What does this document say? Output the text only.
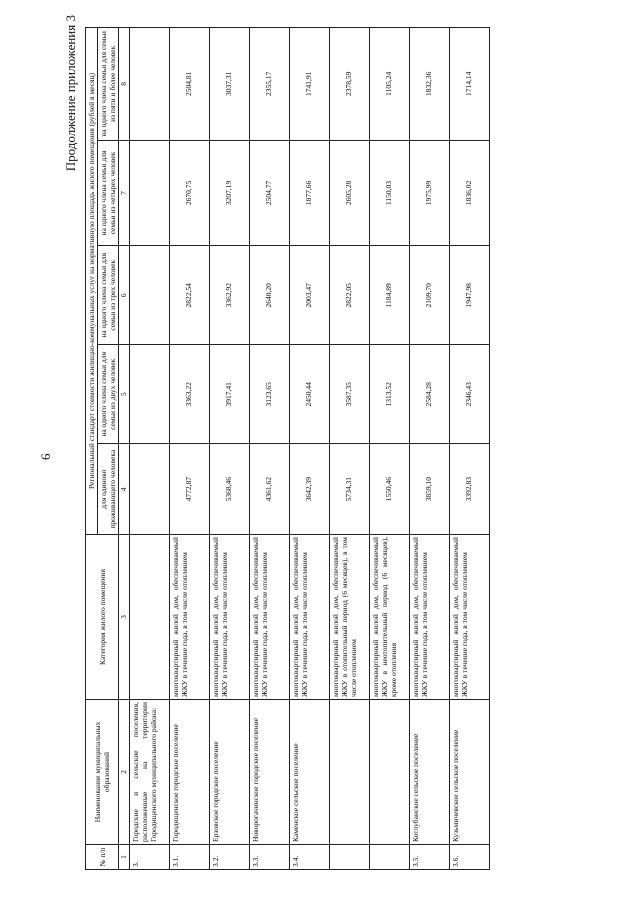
6
Продолжение приложения 3
№ п/п	Наименование муниципальных образований	Категория жилого помещения	Региональный стандарт стоимости жилищно-коммунальных услуг на нормативную площадь жилого помещения (рублей в месяц)				
			для одиноко проживающего человека	на одного члена семьи для семьи из двух человек	на одного члена семьи для семьи из трех человек	на одного члена семьи для семьи из четырех человек	на одного члена семьи для семьи из пяти и более человек
1	2	3	4	5	6	7	8
3.	Городские и сельские поселения, расположенные на территории Городищенского муниципального района:						
3.1.	Городищенское городское поселение	многоквартирный жилой дом, обеспечиваемый ЖКУ в течение года, в том числе отоплением	4772,87	3363,22	2822,54	2670,75	2504,81
3.2.	Ерзовское городское поселение	многоквартирный жилой дом, обеспечиваемый ЖКУ в течение года, в том числе отоплением	5368,46	3917,41	3362,92	3207,19	3037,31
3.3.	Новорогачинское городское поселение	многоквартирный жилой дом, обеспечиваемый ЖКУ в течение года, в том числе отоплением	4361,62	3123,65	2640,20	2504,77	2355,17
3.4.	Каменское сельское поселение	многоквартирный жилой дом, обеспечиваемый ЖКУ в течение года, в том числе отоплением	3642,39	2450,44	2003,47	1877,66	1741,91
		многоквартирный жилой дом, обеспечиваемый ЖКУ в отопительный период (6 месяцев), в том числе отоплением	5734,31	3587,35	2822,05	2605,28	2378,59
		многоквартирный жилой дом, обеспечиваемый ЖКУ в неотопительный период (6 месяцев), кроме отопления	1550,46	1313,52	1184,89	1150,03	1105,24
3.5.	Котлубанское сельское поселение	многоквартирный жилой дом, обеспечиваемый ЖКУ в течение года, в том числе отоплением	3859,10	2584,28	2109,70	1975,99	1832,36
3.6.	Кузьмичевское сельское поселение	многоквартирный жилой дом, обеспечиваемый ЖКУ в течение года, в том числе отоплением	3392,83	2346,43	1947,98	1836,02	1714,14
